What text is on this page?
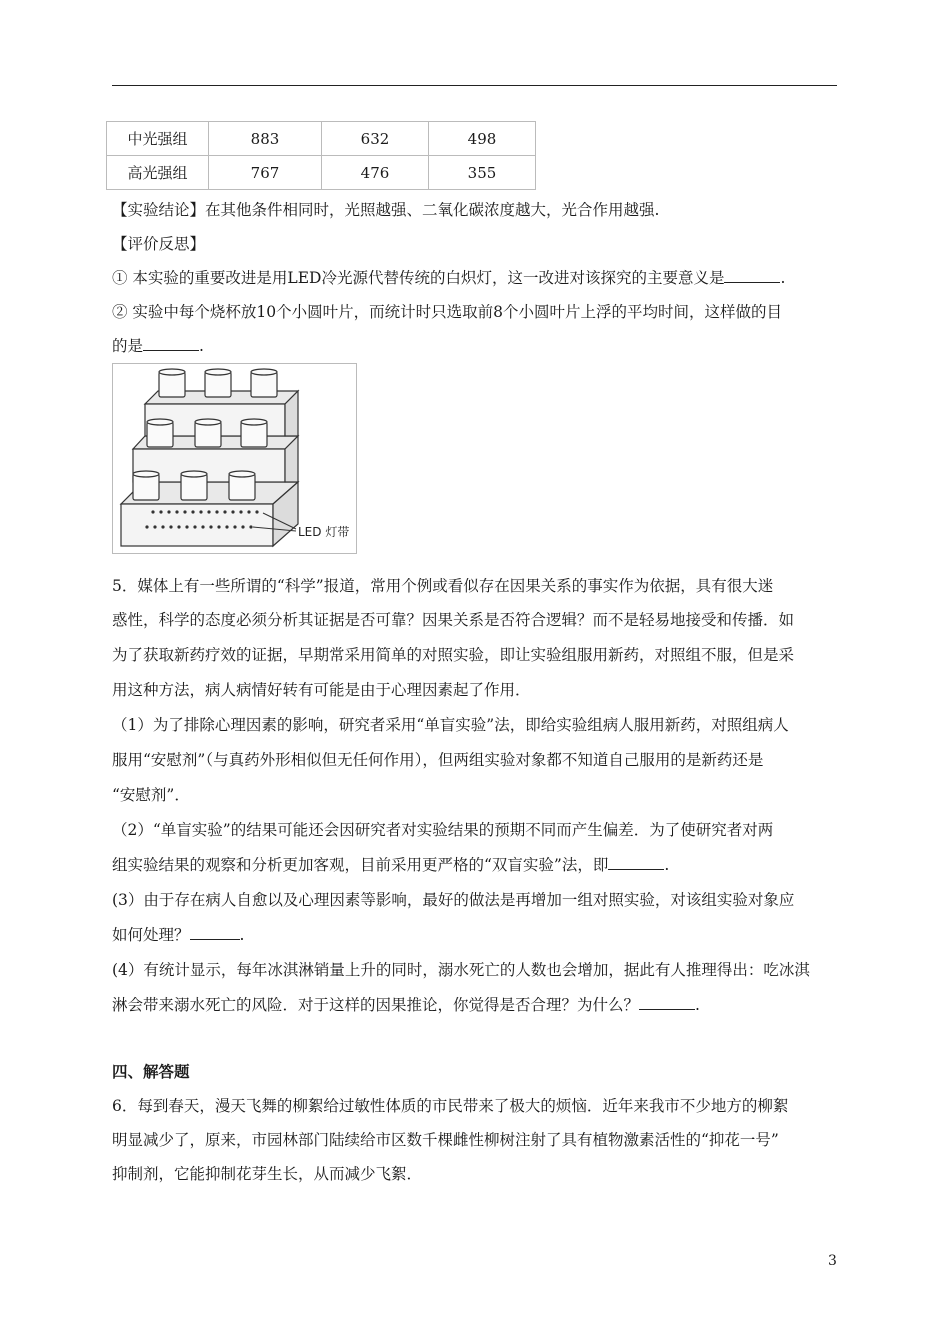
中光强组	883	632	498
高光强组	767	476	355
【实验结论】在其他条件相同时，光照越强、二氧化碳浓度越大，光合作用越强.
【评价反思】
① 本实验的重要改进是用LED冷光源代替传统的白炽灯，这一改进对该探究的主要意义是	.
② 实验中每个烧杯放10个小圆叶片，而统计时只选取前8个小圆叶片上浮的平均时间，这样做的目
的是	.
LED 灯带
5．媒体上有一些所谓的“科学”报道，常用个例或看似存在因果关系的事实作为依据，具有很大迷
惑性，科学的态度必须分析其证据是否可靠？因果关系是否符合逻辑？而不是轻易地接受和传播．如
为了获取新药疗效的证据，早期常采用简单的对照实验，即让实验组服用新药，对照组不服，但是采
用这种方法，病人病情好转有可能是由于心理因素起了作用．
（1）为了排除心理因素的影响，研究者采用“单盲实验”法，即给实验组病人服用新药，对照组病人
服用“安慰剂”（与真药外形相似但无任何作用），但两组实验对象都不知道自己服用的是新药还是
“安慰剂”．
（2）“单盲实验”的结果可能还会因研究者对实验结果的预期不同而产生偏差．为了使研究者对两
组实验结果的观察和分析更加客观，目前采用更严格的“双盲实验”法，即	.
(3）由于存在病人自愈以及心理因素等影响，最好的做法是再增加一组对照实验，对该组实验对象应
如何处理？	.
(4）有统计显示，每年冰淇淋销量上升的同时，溺水死亡的人数也会增加，据此有人推理得出：吃冰淇
淋会带来溺水死亡的风险．对于这样的因果推论，你觉得是否合理？为什么？	.
四、解答题
6．每到春天，漫天飞舞的柳絮给过敏性体质的市民带来了极大的烦恼．近年来我市不少地方的柳絮
明显减少了，原来，市园林部门陆续给市区数千棵雌性柳树注射了具有植物激素活性的“抑花一号”
抑制剂，它能抑制花芽生长，从而减少飞絮．
3
